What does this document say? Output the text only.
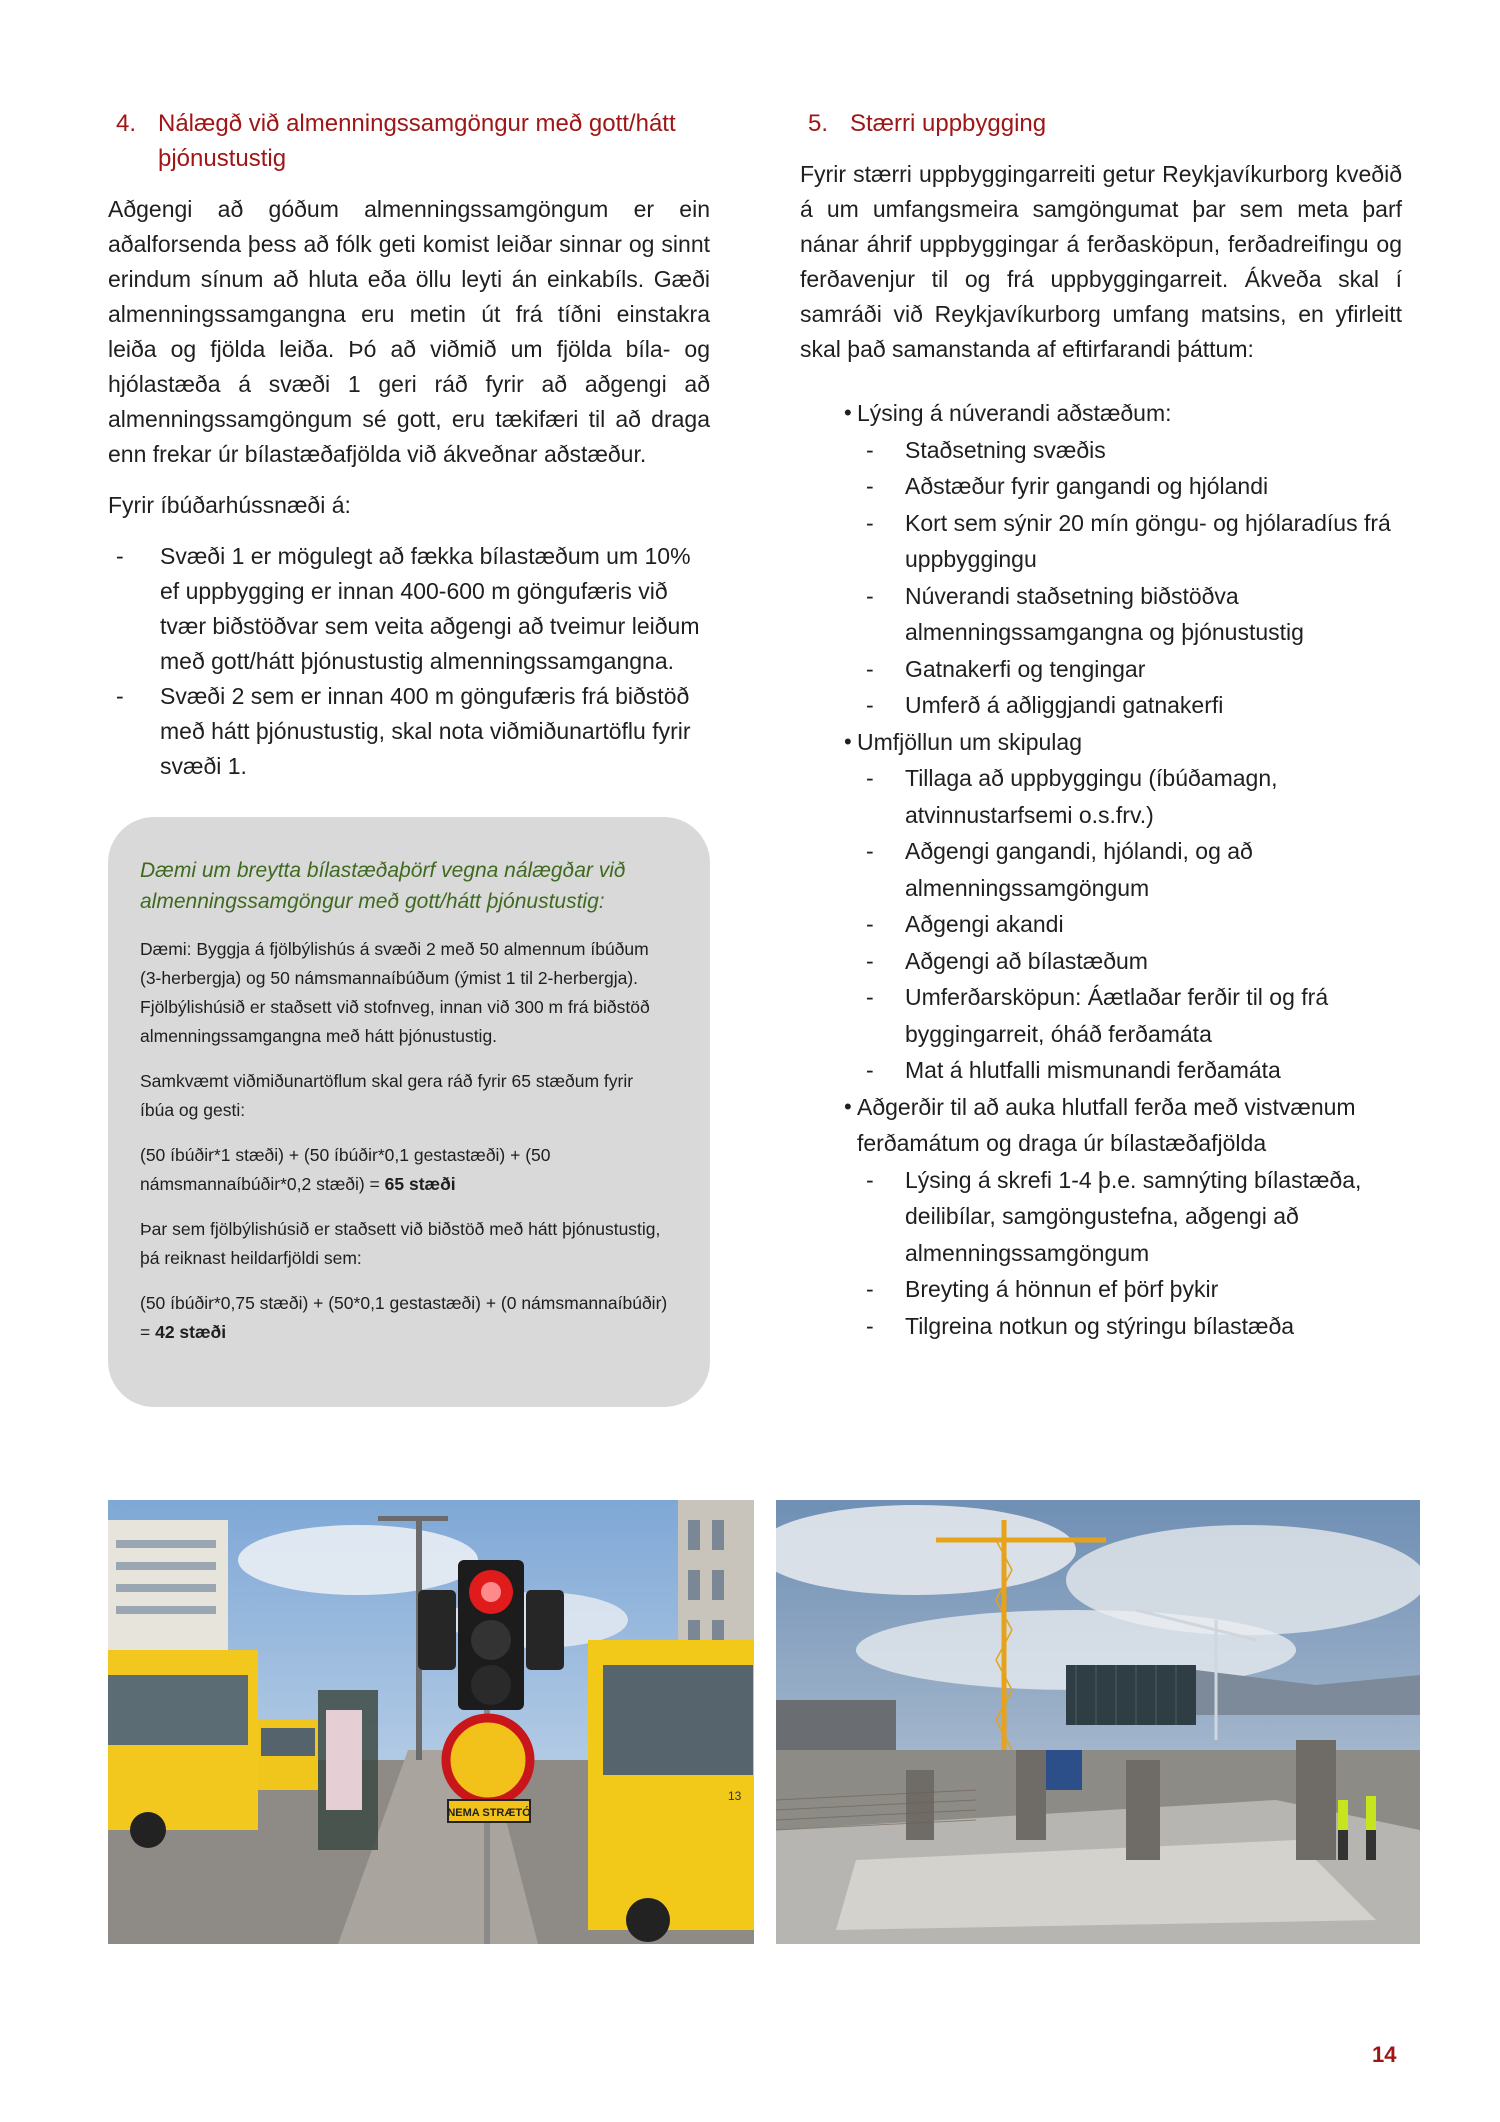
4. Nálægð við almenningssamgöngur með gott/hátt þjónustustig

Aðgengi að góðum almenningssamgöngum er ein aðalforsenda þess að fólk geti komist leiðar sinnar og sinnt erindum sínum að hluta eða öllu leyti án einkabíls. Gæði almenningssamgangna eru metin út frá tíðni einstakra leiða og fjölda leiða. Þó að viðmið um fjölda bíla- og hjólastæða á svæði 1 geri ráð fyrir að aðgengi að almenningssamgöngum sé gott, eru tækifæri til að draga enn frekar úr bílastæðafjölda við ákveðnar aðstæður.

Fyrir íbúðarhússnæði á:

- Svæði 1 er mögulegt að fækka bílastæðum um 10% ef uppbygging er innan 400-600 m göngufæris við tvær biðstöðvar sem veita aðgengi að tveimur leiðum með gott/hátt þjónustustig almenningssamgangna.
- Svæði 2 sem er innan 400 m göngufæris frá biðstöð með hátt þjónustustig, skal nota viðmiðunartöflu fyrir svæði 1.

Dæmi um breytta bílastæðaþörf vegna nálægðar við almenningssamgöngur með gott/hátt þjónustustig:

Dæmi: Byggja á fjölbýlishús á svæði 2 með 50 almennum íbúðum (3-herbergja) og 50 námsmannaíbúðum (ýmist 1 til 2-herbergja). Fjölbýlishúsið er staðsett við stofnveg, innan við 300 m frá biðstöð almenningssamgangna með hátt þjónustustig.

Samkvæmt viðmiðunartöflum skal gera ráð fyrir 65 stæðum fyrir íbúa og gesti:

(50 íbúðir*1 stæði) + (50 íbúðir*0,1 gestastæði) + (50 námsmannaíbúðir*0,2 stæði) = 65 stæði

Þar sem fjölbýlishúsið er staðsett við biðstöð með hátt þjónustustig, þá reiknast heildarfjöldi sem:

(50 íbúðir*0,75 stæði) + (50*0,1 gestastæði) + (0 námsmannaíbúðir) = 42 stæði

5. Stærri uppbygging

Fyrir stærri uppbyggingarreiti getur Reykjavíkurborg kveðið á um umfangsmeira samgöngumat þar sem meta þarf nánar áhrif uppbyggingar á ferðasköpun, ferðadreifingu og ferðavenjur til og frá uppbyggingarreit. Ákveða skal í samráði við Reykjavíkurborg umfang matsins, en yfirleitt skal það samanstanda af eftirfarandi þáttum:

• Lýsing á núverandi aðstæðum:
- Staðsetning svæðis
- Aðstæður fyrir gangandi og hjólandi
- Kort sem sýnir 20 mín göngu- og hjólaradíus frá uppbyggingu
- Núverandi staðsetning biðstöðva almenningssamgangna og þjónustustig
- Gatnakerfi og tengingar
- Umferð á aðliggjandi gatnakerfi
• Umfjöllun um skipulag
- Tillaga að uppbyggingu (íbúðamagn, atvinnustarfsemi o.s.frv.)
- Aðgengi gangandi, hjólandi, og að almenningssamgöngum
- Aðgengi akandi
- Aðgengi að bílastæðum
- Umferðarsköpun: Áætlaðar ferðir til og frá byggingarreit, óháð ferðamáta
- Mat á hlutfalli mismunandi ferðamáta
• Aðgerðir til að auka hlutfall ferða með vistvænum ferðamátum og draga úr bílastæðafjölda
- Lýsing á skrefi 1-4 þ.e. samnýting bílastæða, deilibílar, samgöngustefna, aðgengi að almenningssamgöngum
- Breyting á hönnun ef þörf þykir
- Tilgreina notkun og stýringu bílastæða
13
NEMA STRÆTÓ
14
